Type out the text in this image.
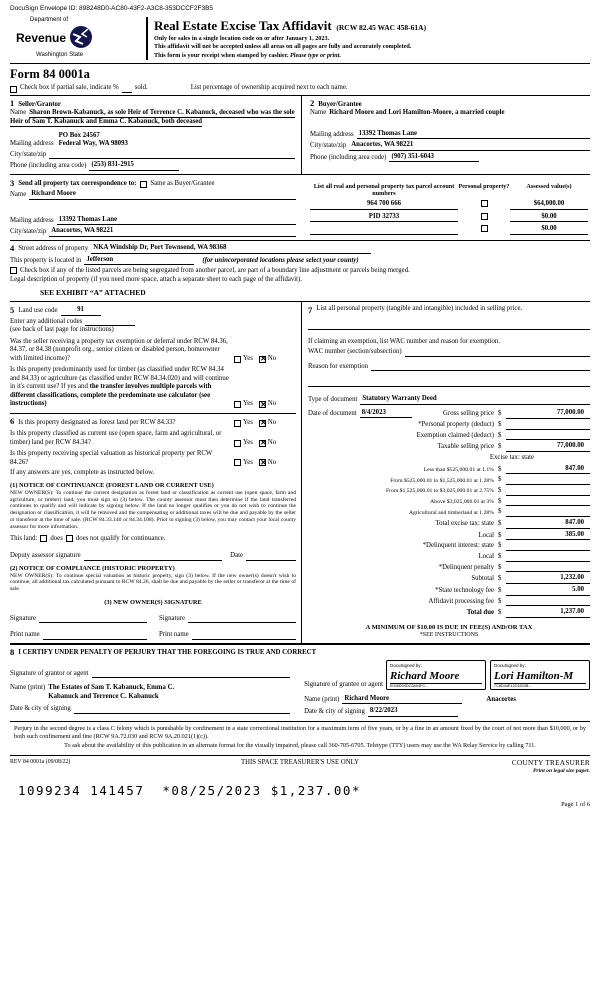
DocuSign Envelope ID: 898248D0-AC80-43F2-A3C8-353DCCF2F3B5
Department of
Revenue
Washington State
Real Estate Excise Tax Affidavit (RCW 82.45 WAC 458-61A)
Only for sales in a single location code on or after January 1, 2023.
This affidavit will not be accepted unless all areas on all pages are fully and accurately completed.
This form is your receipt when stamped by cashier. Please type or print.
Form 84 0001a
Check box if partial sale, indicate % sold.	List percentage of ownership acquired next to each name.
1 Seller/Grantor
Name Sharon Brown-Kabanuck, as sole Heir of Terrence C. Kabanuck, deceased who was the sole Heir of Sam T. Kabanuck and Emma C. Kabanuck, both deceased
Mailing address
PO Box 24567
Federal Way, WA 98093
City/state/zip
Phone (including area code) (253) 831-2915
2 Buyer/Grantee
Name Richard Moore and Lori Hamilton-Moore, a married couple
Mailing address 13392 Thomas Lane
City/state/zip Anacortes, WA 98221
Phone (including area code) (907) 351-6043
3 Send all property tax correspondence to: Same as Buyer/Grantee
Name Richard Moore
Mailing address 13392 Thomas Lane
City/state/zip Anacortes, WA 98221
List all real and personal property tax parcel account numbers
Personal property?	Assessed value(s)
964 700 666	$64,000.00
PID 32733	$0.00
$0.00
4 Street address of property NKA Windship Dr, Port Townsend, WA 98368
This property is located in Jefferson	(for unincorporated locations please select your county)
Check box if any of the listed parcels are being segregated from another parcel, are part of a boundary line adjustment or parcels being merged.
Legal description of property (if you need more space, attach a separate sheet to each page of the affidavit).
SEE EXHIBIT “A” ATTACHED
5 Land use code	91
Enter any additional codes
(see back of last page for instructions)
Was the seller receiving a property tax exemption or deferral under RCW 84.36, 84.37, or 84.38 (nonprofit org., senior citizen or disabled person, homeowner with limited income)?	Yes ✕ No
Is this property predominantly used for timber (as classified under RCW 84.34 and 84.33) or agriculture (as classified under RCW 84.34.020) and will continue in it's current use? If yes and the transfer involves multiple parcels with different classifications, complete the predominate use calculator (see instructions)	Yes ✕ No
6 Is this property designated as forest land per RCW 84.33?	Yes ✕ No
Is this property classified as current use (open space, farm and agricultural, or timber) land per RCW 84.34?	Yes ✕ No
Is this property receiving special valuation as historical property per RCW 84.26?	Yes ✕ No
If any answers are yes, complete as instructed below.
(1) NOTICE OF CONTINUANCE (FOREST LAND OR CURRENT USE)
NEW OWNER(S): To continue the current designation as forest land or classification as current use (open space, farm and agriculture, or timber) land, you must sign on (3) below. The county assessor must then determine if the land transferred continues to qualify and will indicate by signing below. If the land no longer qualifies or you do not wish to continue the designation or classification, it will be removed and the compensating or additional taxes will be due and payable by the seller or transferor at the time of sale. (RCW 84.33.140 or 84.34.108). Prior to signing (3) below, you may contact your local county assessor for more information.
This land: does does not qualify for continuance.
Deputy assessor signature	Date
(2) NOTICE OF COMPLIANCE (HISTORIC PROPERTY)
NEW OWNER(S): To continue special valuation as historic property, sign (3) below. If the new owner(s) doesn't wish to continue, all additional tax calculated pursuant to RCW 84.26, shall be due and payable by the seller or transferor at the time of sale.
(3) NEW OWNER(S) SIGNATURE
Signature	Signature
Print name	Print name
7 List all personal property (tangible and intangible) included in selling price.
If claiming an exemption, list WAC number and reason for exemption.
WAC number (section/subsection)
Reason for exemption
Type of document Statutory Warranty Deed
Date of document 8/4/2023	Gross selling price $	77,000.00
*Personal property (deduct) $
Exemption claimed (deduct) $
Taxable selling price $	77,000.00
Excise tax: state
Less than $525,000.01 at 1.1% $	847.00
From $525,000.01 to $1,525,000.01 at 1.28% $
From $1,525,000.01 to $3,025,000.01 at 2.75% $
Above $3,025,000.01 at 3% $
Agricultural and timberland at 1.28% $
Total excise tax: state $	847.00
Local $	385.00
*Delinquent interest: state $
Local $
*Delinquent penalty $
Subtotal $	1,232.00
*State technology fee $	5.00
Affidavit processing fee $
Total due $	1,237.00
A MINIMUM OF $10.00 IS DUE IN FEE(S) AND/OR TAX
*SEE INSTRUCTIONS
8 I CERTIFY UNDER PENALTY OF PERJURY THAT THE FOREGOING IS TRUE AND CORRECT
Signature of grantor or agent
Name (print) The Estates of Sam T. Kabanuck, Emma C.
Kabanuck and Terrence C. Kabanuck
Date & city of signing
Signature of grantee or agent
DocuSigned by:
Richard Moore
E046D04DC0A04FC...
DocuSigned by:
Lori Hamilton-M
7C8D44E12C4604B...
Name (print) Richard Moore	Anacortes
Date & city of signing 8/22/2023

Perjury in the second degree is a class C felony which is punishable by confinement in a state correctional institution for a maximum term of five years, or by a fine in an amount fixed by the court of not more than $10,000, or by both such confinement and fine (RCW 9A.72.030 and RCW 9A.20.021(1)(c)).

To ask about the availability of this publication in an alternate format for the visually impaired, please call 360-705-6705. Teletype (TTY) users may use the WA Relay Service by calling 711.

REV 84 0001a (09/08/22)	THIS SPACE TREASURER'S USE ONLY	COUNTY TREASURER
Print on legal size paper.
1099234 141457  *08/25/2023 $1,237.00*
Page 1 of 6
